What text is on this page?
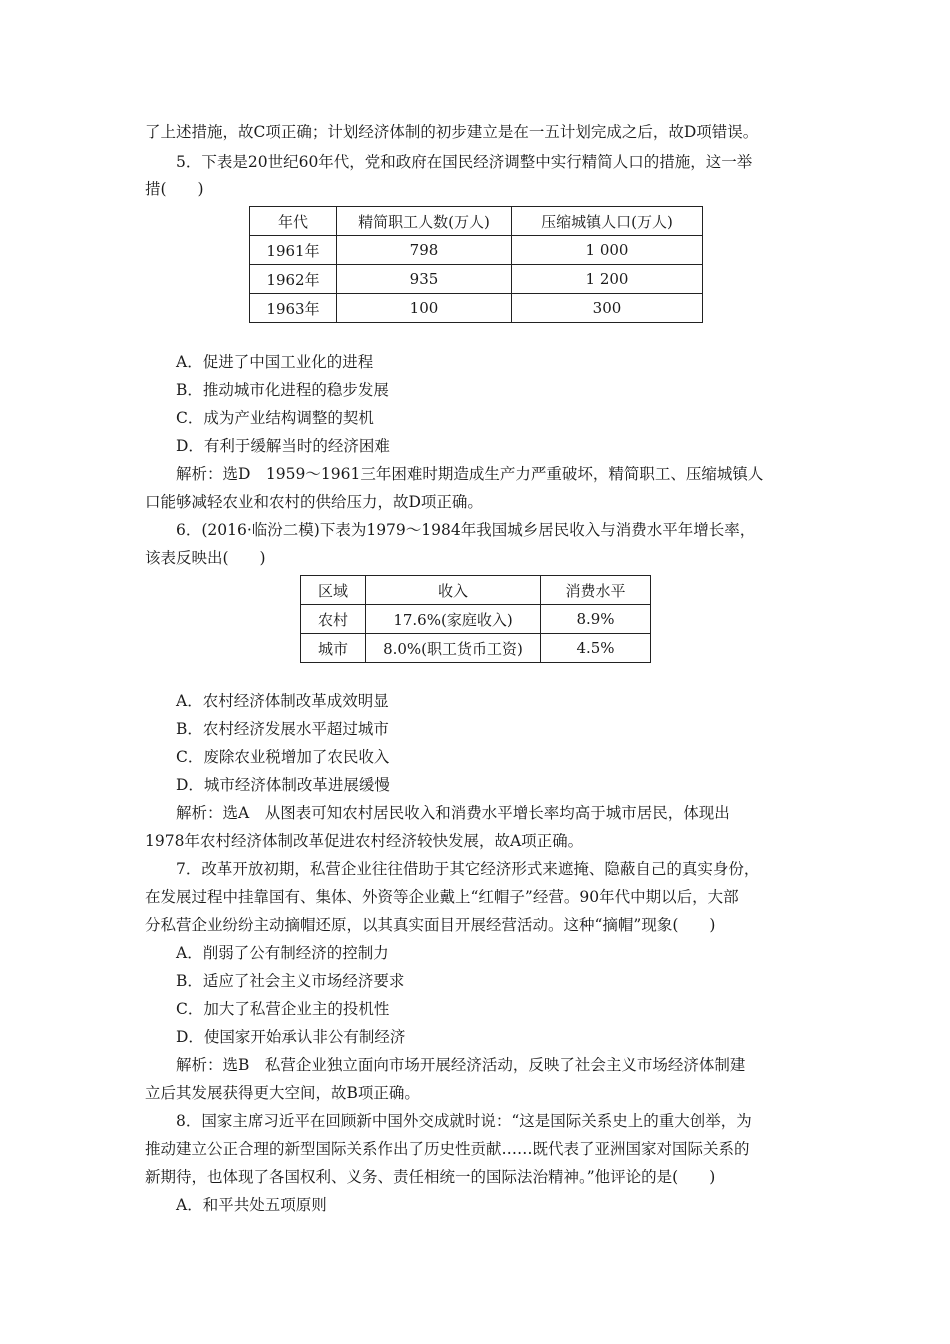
了上述措施，故C项正确；计划经济体制的初步建立是在一五计划完成之后，故D项错误。
5．下表是20世纪60年代，党和政府在国民经济调整中实行精简人口的措施，这一举
措(　　)
年代	精简职工人数(万人)	压缩城镇人口(万人)
1961年	798	1 000
1962年	935	1 200
1963年	100	300
A．促进了中国工业化的进程
B．推动城市化进程的稳步发展
C．成为产业结构调整的契机
D．有利于缓解当时的经济困难
解析：选D　1959～1961三年困难时期造成生产力严重破坏，精简职工、压缩城镇人
口能够减轻农业和农村的供给压力，故D项正确。
6．(2016·临汾二模)下表为1979～1984年我国城乡居民收入与消费水平年增长率，
该表反映出(　　)
区域	收入	消费水平
农村	17.6%(家庭收入)	8.9%
城市	8.0%(职工货币工资)	4.5%
A．农村经济体制改革成效明显
B．农村经济发展水平超过城市
C．废除农业税增加了农民收入
D．城市经济体制改革进展缓慢
解析：选A　从图表可知农村居民收入和消费水平增长率均高于城市居民，体现出
1978年农村经济体制改革促进农村经济较快发展，故A项正确。
7．改革开放初期，私营企业往往借助于其它经济形式来遮掩、隐蔽自己的真实身份，
在发展过程中挂靠国有、集体、外资等企业戴上“红帽子”经营。90年代中期以后，大部
分私营企业纷纷主动摘帽还原，以其真实面目开展经营活动。这种“摘帽”现象(　　)
A．削弱了公有制经济的控制力
B．适应了社会主义市场经济要求
C．加大了私营企业主的投机性
D．使国家开始承认非公有制经济
解析：选B　私营企业独立面向市场开展经济活动，反映了社会主义市场经济体制建
立后其发展获得更大空间，故B项正确。
8．国家主席习近平在回顾新中国外交成就时说：“这是国际关系史上的重大创举，为
推动建立公正合理的新型国际关系作出了历史性贡献……既代表了亚洲国家对国际关系的
新期待，也体现了各国权利、义务、责任相统一的国际法治精神。”他评论的是(　　)
A．和平共处五项原则
